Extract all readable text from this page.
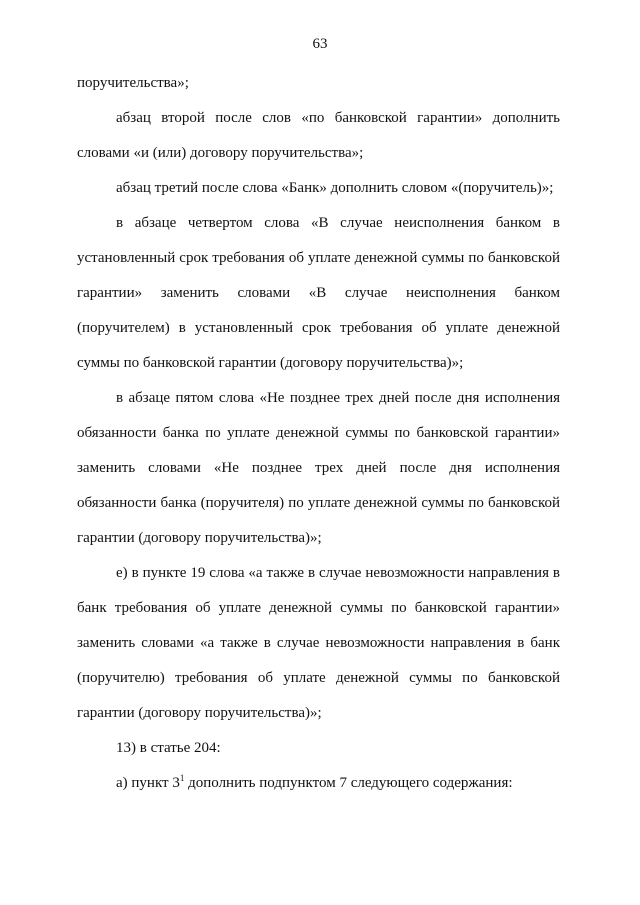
63

поручительства»;

абзац второй после слов «по банковской гарантии» дополнить словами «и (или) договору поручительства»;

абзац третий после слова «Банк» дополнить словом «(поручитель)»;

в абзаце четвертом слова «В случае неисполнения банком в установленный срок требования об уплате денежной суммы по банковской гарантии» заменить словами «В случае неисполнения банком (поручителем) в установленный срок требования об уплате денежной суммы по банковской гарантии (договору поручительства)»;

в абзаце пятом слова «Не позднее трех дней после дня исполнения обязанности банка по уплате денежной суммы по банковской гарантии» заменить словами «Не позднее трех дней после дня исполнения обязанности банка (поручителя) по уплате денежной суммы по банковской гарантии (договору поручительства)»;

е) в пункте 19 слова «а также в случае невозможности направления в банк требования об уплате денежной суммы по банковской гарантии» заменить словами «а также в случае невозможности направления в банк (поручителю) требования об уплате денежной суммы по банковской гарантии (договору поручительства)»;

13) в статье 204:

а) пункт $3^1$ дополнить подпунктом 7 следующего содержания:
